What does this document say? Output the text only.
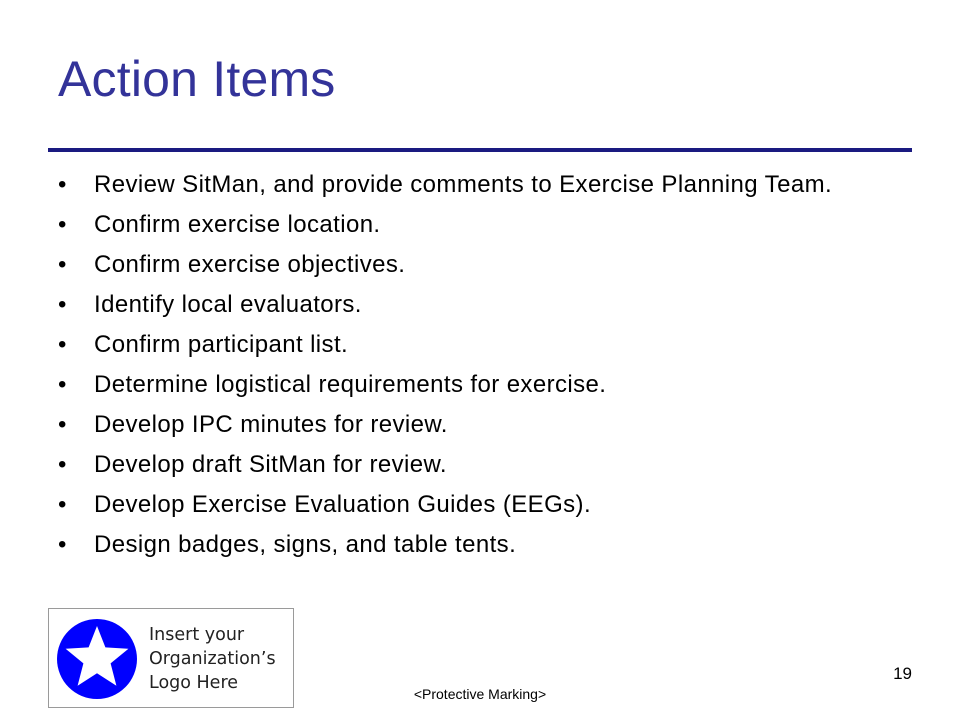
Action Items
• Review SitMan, and provide comments to Exercise Planning Team.
• Confirm exercise location.
• Confirm exercise objectives.
• Identify local evaluators.
• Confirm participant list.
• Determine logistical requirements for exercise.
• Develop IPC minutes for review.
• Develop draft SitMan for review.
• Develop Exercise Evaluation Guides (EEGs).
• Design badges, signs, and table tents.
Insert your
Organization’s
Logo Here
<Protective Marking>
19
